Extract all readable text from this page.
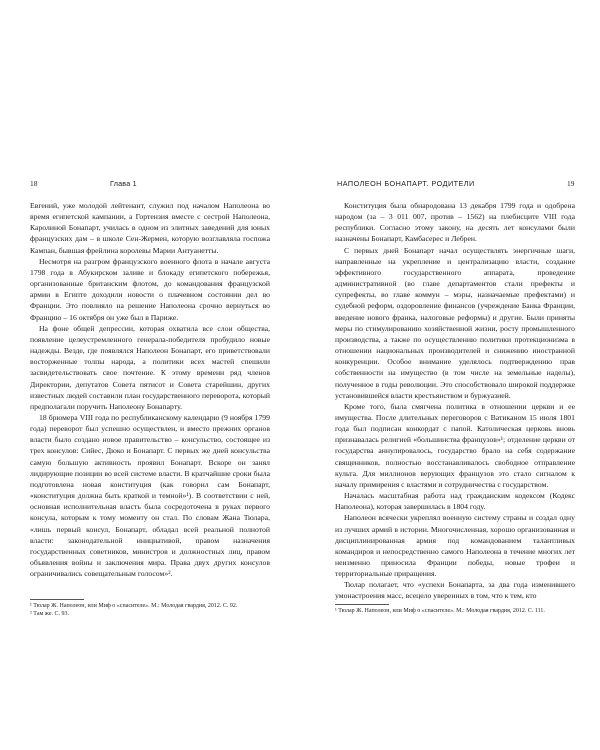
18	Глава 1

Евгений, уже молодой лейтенант, служил под началом Наполеона во время египетской кампании, а Гортензия вместе с сестрой Наполеона, Каролиной Бонапарт, училась в одном из элитных заведений для юных французских дам – в школе Сен-Жермен, которую возглавляла госпожа Кампан, бывшая фрейлина королевы Марии Антуанетты.

Несмотря на разгром французского военного флота в начале августа 1798 года в Абукирском заливе и блокаду египетского побережья, организованные британским флотом, до командования французской армии в Египте доходили новости о плачевном состоянии дел во Франции. Это повлияло на решение Наполеона срочно вернуться во Францию – 16 октября он уже был в Париже.

На фоне общей депрессии, которая охватила все слои общества, появление целеустремленного генерала-победителя пробудило новые надежды. Везде, где появлялся Наполеон Бонапарт, его приветствовали восторженные толпы народа, а политики всех мастей спешили засвидетельствовать свое почтение. К этому времени ряд членов Директории, депутатов Совета пятисот и Совета старейшин, других известных людей составили план государственного переворота, который предполагали поручить Наполеону Бонапарту.

18 брюмера VIII года по республиканскому календарю (9 ноября 1799 года) переворот был успешно осуществлен, и вместо прежних органов власти было создано новое правительство – консульство, состоящее из трех консулов: Сийес, Дюко и Бонапарт. С первых же дней консульства самую большую активность проявил Бонапарт. Вскоре он занял лидирующие позиции во всей системе власти. В кратчайшие сроки была подготовлена новая конституция (как говорил сам Бонапарт, «конституция должна быть краткой и темной»¹). В соответствии с ней, основная исполнительная власть была сосредоточена в руках первого консула, которым к тому моменту он стал. По словам Жана Тюлара, «лишь первый консул, Бонапарт, обладал всей реальной полнотой власти: законодательной инициативой, правом назначения государственных советников, министров и должностных лиц, правом объявления войны и заключения мира. Права двух других консулов ограничивались совещательным голосом»².

¹ Тюлар Ж. Наполеон, или Миф о «спасителе». М.: Молодая гвардия, 2012. С. 92.

² Там же. С. 93.

НАПОЛЕОН БОНАПАРТ. РОДИТЕЛИ	19

Конституция была обнародована 13 декабря 1799 года и одобрена народом (за – 3 011 007, против – 1562) на плебисците VIII года республики. Согласно этому закону, на десять лет консулами были назначены Бонапарт, Камбасерес и Лебрен.

С первых дней Бонапарт начал осуществлять энергичные шаги, направленные на укрепление и централизацию власти, создание эффективного государственного аппарата, проведение административной (во главе департаментов стали префекты и супрефекты, во главе коммун – мэры, назначаемые префектами) и судебной реформ, оздоровление финансов (учреждение Банка Франции, введение нового франка, налоговые реформы) и другие. Были приняты меры по стимулированию хозяйственной жизни, росту промышленного производства, а также по осуществлению политики протекционизма в отношении национальных производителей и снижению иностранной конкуренции. Особое внимание уделялось подтверждению прав собственности на имущество (в том числе на земельные наделы), полученное в годы революции. Это способствовало широкой поддержке установившейся власти крестьянством и буржуазией.

Кроме того, была смягчена политика в отношении церкви и ее имущества. После длительных переговоров с Ватиканом 15 июля 1801 года был подписан конкордат с папой. Католическая церковь вновь признавалась религией «большинства французов»¹; отделение церкви от государства аннулировалось, государство брало на себя содержание священников, полностью восстанавливалось свободное отправление культа. Для миллионов верующих французов это стало сигналом к началу примирения с властями и сотрудничества с государством.

Началась масштабная работа над гражданским кодексом (Кодекс Наполеона), которая завершилась в 1804 году.

Наполеон всячески укреплял военную систему страны и создал одну из лучших армий в истории. Многочисленная, хорошо организованная и дисциплинированная армия под командованием талантливых командиров и непосредственно самого Наполеона в течение многих лет неизменно приносила Франции победы, новые трофеи и территориальные приращения.

Тюлар полагает, что «успехи Бонапарта, за два года изменившего умонастроения масс, всецело уверенных в том, что к тем, кто

¹ Тюлар Ж. Наполеон, или Миф о «спасителе». М.: Молодая гвардия, 2012. С. 111.
